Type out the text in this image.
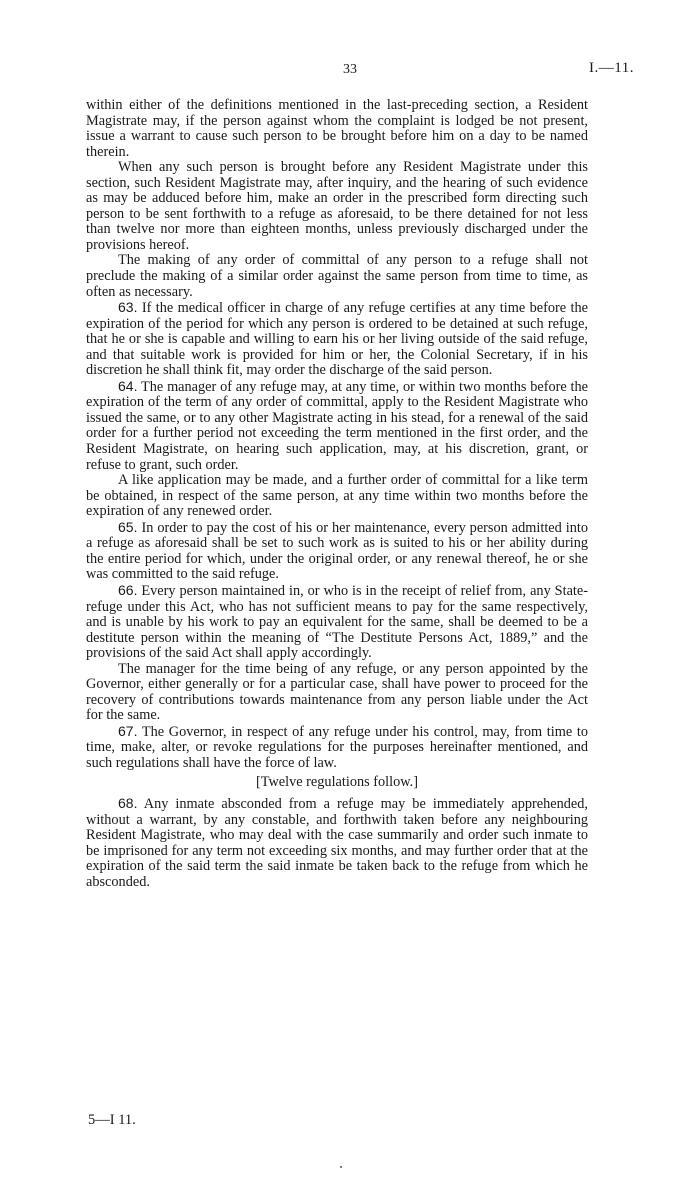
33	I.—11.

within either of the definitions mentioned in the last-preceding section, a Resident Magistrate may, if the person against whom the complaint is lodged be not present, issue a warrant to cause such person to be brought before him on a day to be named therein.

When any such person is brought before any Resident Magistrate under this section, such Resident Magistrate may, after inquiry, and the hearing of such evidence as may be adduced before him, make an order in the prescribed form directing such person to be sent forthwith to a refuge as aforesaid, to be there detained for not less than twelve nor more than eighteen months, unless previously discharged under the provisions hereof.

The making of any order of committal of any person to a refuge shall not preclude the making of a similar order against the same person from time to time, as often as necessary.

63. If the medical officer in charge of any refuge certifies at any time before the expiration of the period for which any person is ordered to be detained at such refuge, that he or she is capable and willing to earn his or her living outside of the said refuge, and that suitable work is provided for him or her, the Colonial Secretary, if in his discretion he shall think fit, may order the discharge of the said person.

64. The manager of any refuge may, at any time, or within two months before the expiration of the term of any order of committal, apply to the Resident Magistrate who issued the same, or to any other Magistrate acting in his stead, for a renewal of the said order for a further period not exceeding the term mentioned in the first order, and the Resident Magistrate, on hearing such application, may, at his discretion, grant, or refuse to grant, such order.

A like application may be made, and a further order of committal for a like term be obtained, in respect of the same person, at any time within two months before the expiration of any renewed order.

65. In order to pay the cost of his or her maintenance, every person admitted into a refuge as aforesaid shall be set to such work as is suited to his or her ability during the entire period for which, under the original order, or any renewal thereof, he or she was committed to the said refuge.

66. Every person maintained in, or who is in the receipt of relief from, any State-refuge under this Act, who has not sufficient means to pay for the same respectively, and is unable by his work to pay an equivalent for the same, shall be deemed to be a destitute person within the meaning of “The Destitute Persons Act, 1889,” and the provisions of the said Act shall apply accordingly.

The manager for the time being of any refuge, or any person appointed by the Governor, either generally or for a particular case, shall have power to proceed for the recovery of contributions towards maintenance from any person liable under the Act for the same.

67. The Governor, in respect of any refuge under his control, may, from time to time, make, alter, or revoke regulations for the purposes hereinafter mentioned, and such regulations shall have the force of law.

[Twelve regulations follow.]

68. Any inmate absconded from a refuge may be immediately apprehended, without a warrant, by any constable, and forthwith taken before any neighbouring Resident Magistrate, who may deal with the case summarily and order such inmate to be imprisoned for any term not exceeding six months, and may further order that at the expiration of the said term the said inmate be taken back to the refuge from which he absconded.

5—I 11.
